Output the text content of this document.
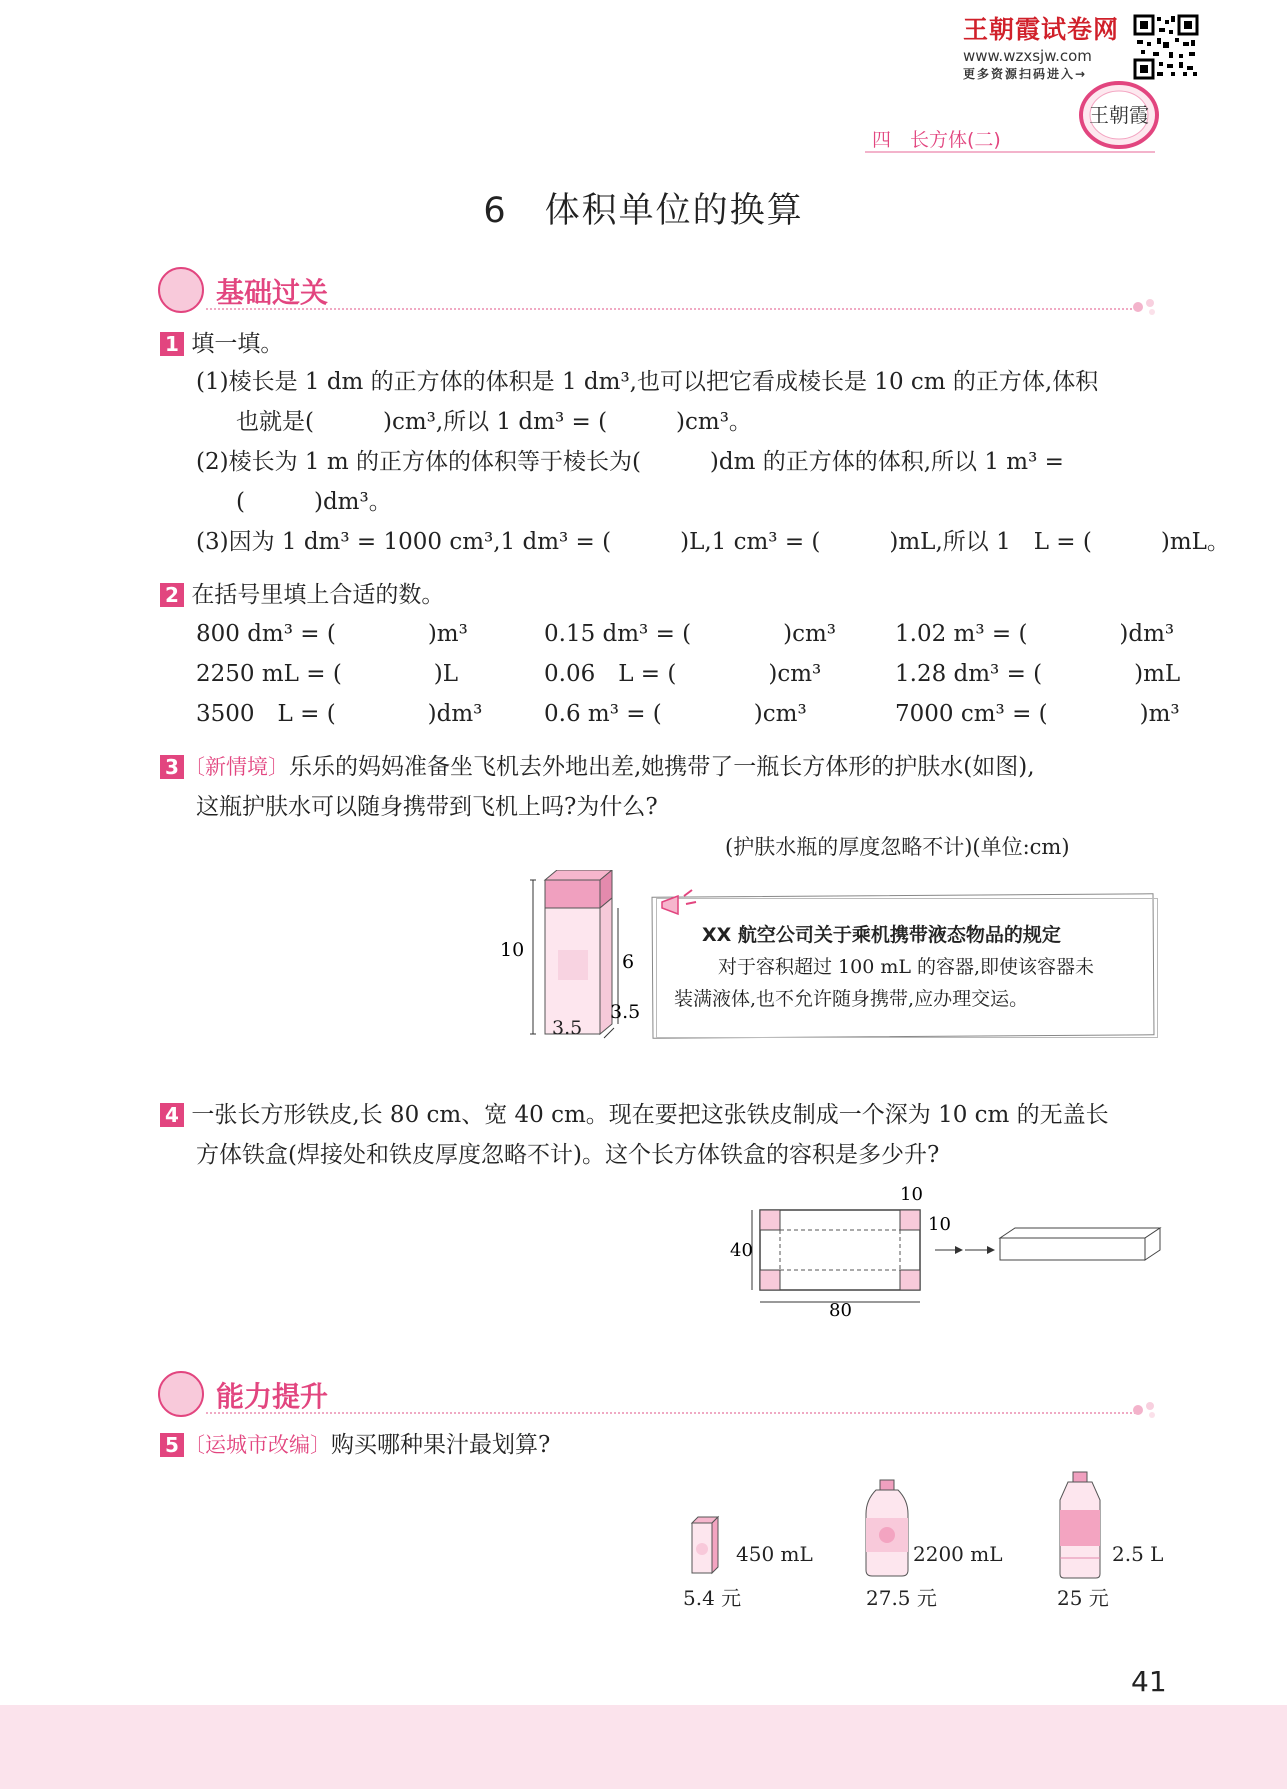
王朝霞试卷网
www.wzxsjw.com
更多资源扫码进入→
王朝霞
四　长方体(二)
6　体积单位的换算
基础过关
1 填一填。
(1)棱长是 1 dm 的正方体的体积是 1 dm³,也可以把它看成棱长是 10 cm 的正方体,体积
也就是(　　　)cm³,所以 1 dm³ = (　　　)cm³。
(2)棱长为 1 m 的正方体的体积等于棱长为(　　　)dm 的正方体的体积,所以 1 m³ =
(　　　)dm³。
(3)因为 1 dm³ = 1000 cm³,1 dm³ = (　　　)L,1 cm³ = (　　　)mL,所以 1　L = (　　　)mL。
2 在括号里填上合适的数。
800 dm³ = (　　　　)m³	0.15 dm³ = (　　　　)cm³	1.02 m³ = (　　　　)dm³
2250 mL = (　　　　)L	0.06　L = (　　　　)cm³	1.28 dm³ = (　　　　)mL
3500　L = (　　　　)dm³	0.6 m³ = (　　　　)cm³	7000 cm³ = (　　　　)m³
3 〔新情境〕乐乐的妈妈准备坐飞机去外地出差,她携带了一瓶长方体形的护肤水(如图),
这瓶护肤水可以随身携带到飞机上吗?为什么?
(护肤水瓶的厚度忽略不计)(单位:cm)
10
6
3.5
3.5
XX 航空公司关于乘机携带液态物品的规定
对于容积超过 100 mL 的容器,即使该容器未
装满液体,也不允许随身携带,应办理交运。
4 一张长方形铁皮,长 80 cm、宽 40 cm。现在要把这张铁皮制成一个深为 10 cm 的无盖长
方体铁盒(焊接处和铁皮厚度忽略不计)。这个长方体铁盒的容积是多少升?
10
10
40
80
能力提升
5 〔运城市改编〕购买哪种果汁最划算?
450 mL
5.4 元
2200 mL
27.5 元
2.5 L
25 元
41
